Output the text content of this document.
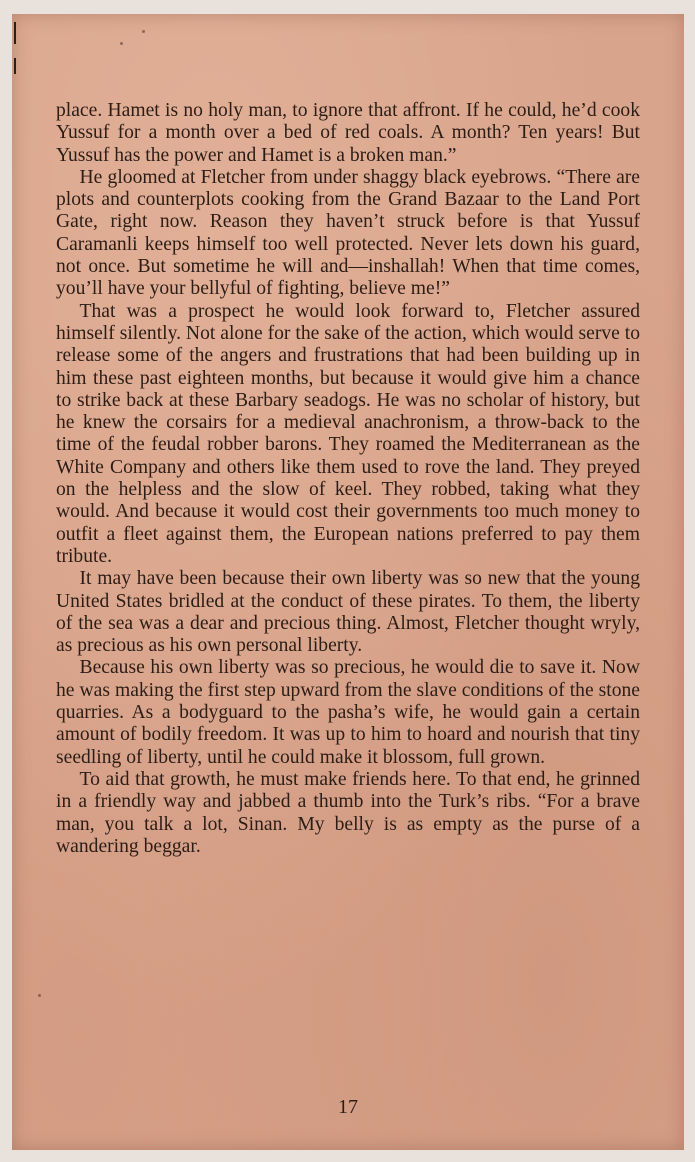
place. Hamet is no holy man, to ignore that affront. If he could, he’d cook Yussuf for a month over a bed of red coals. A month? Ten years! But Yussuf has the power and Hamet is a broken man.”

He gloomed at Fletcher from under shaggy black eyebrows. “There are plots and counterplots cooking from the Grand Bazaar to the Land Port Gate, right now. Reason they haven’t struck before is that Yussuf Caramanli keeps himself too well protected. Never lets down his guard, not once. But sometime he will and—inshallah! When that time comes, you’ll have your bellyful of fighting, believe me!”

That was a prospect he would look forward to, Fletcher assured himself silently. Not alone for the sake of the action, which would serve to release some of the angers and frustrations that had been building up in him these past eighteen months, but because it would give him a chance to strike back at these Barbary seadogs. He was no scholar of history, but he knew the corsairs for a medieval anachronism, a throw-back to the time of the feudal robber barons. They roamed the Mediterranean as the White Company and others like them used to rove the land. They preyed on the helpless and the slow of keel. They robbed, taking what they would. And because it would cost their governments too much money to outfit a fleet against them, the European nations preferred to pay them tribute.

It may have been because their own liberty was so new that the young United States bridled at the conduct of these pirates. To them, the liberty of the sea was a dear and precious thing. Almost, Fletcher thought wryly, as precious as his own personal liberty.

Because his own liberty was so precious, he would die to save it. Now he was making the first step upward from the slave conditions of the stone quarries. As a bodyguard to the pasha’s wife, he would gain a certain amount of bodily freedom. It was up to him to hoard and nourish that tiny seedling of liberty, until he could make it blossom, full grown.

To aid that growth, he must make friends here. To that end, he grinned in a friendly way and jabbed a thumb into the Turk’s ribs. “For a brave man, you talk a lot, Sinan. My belly is as empty as the purse of a wandering beggar.

17
